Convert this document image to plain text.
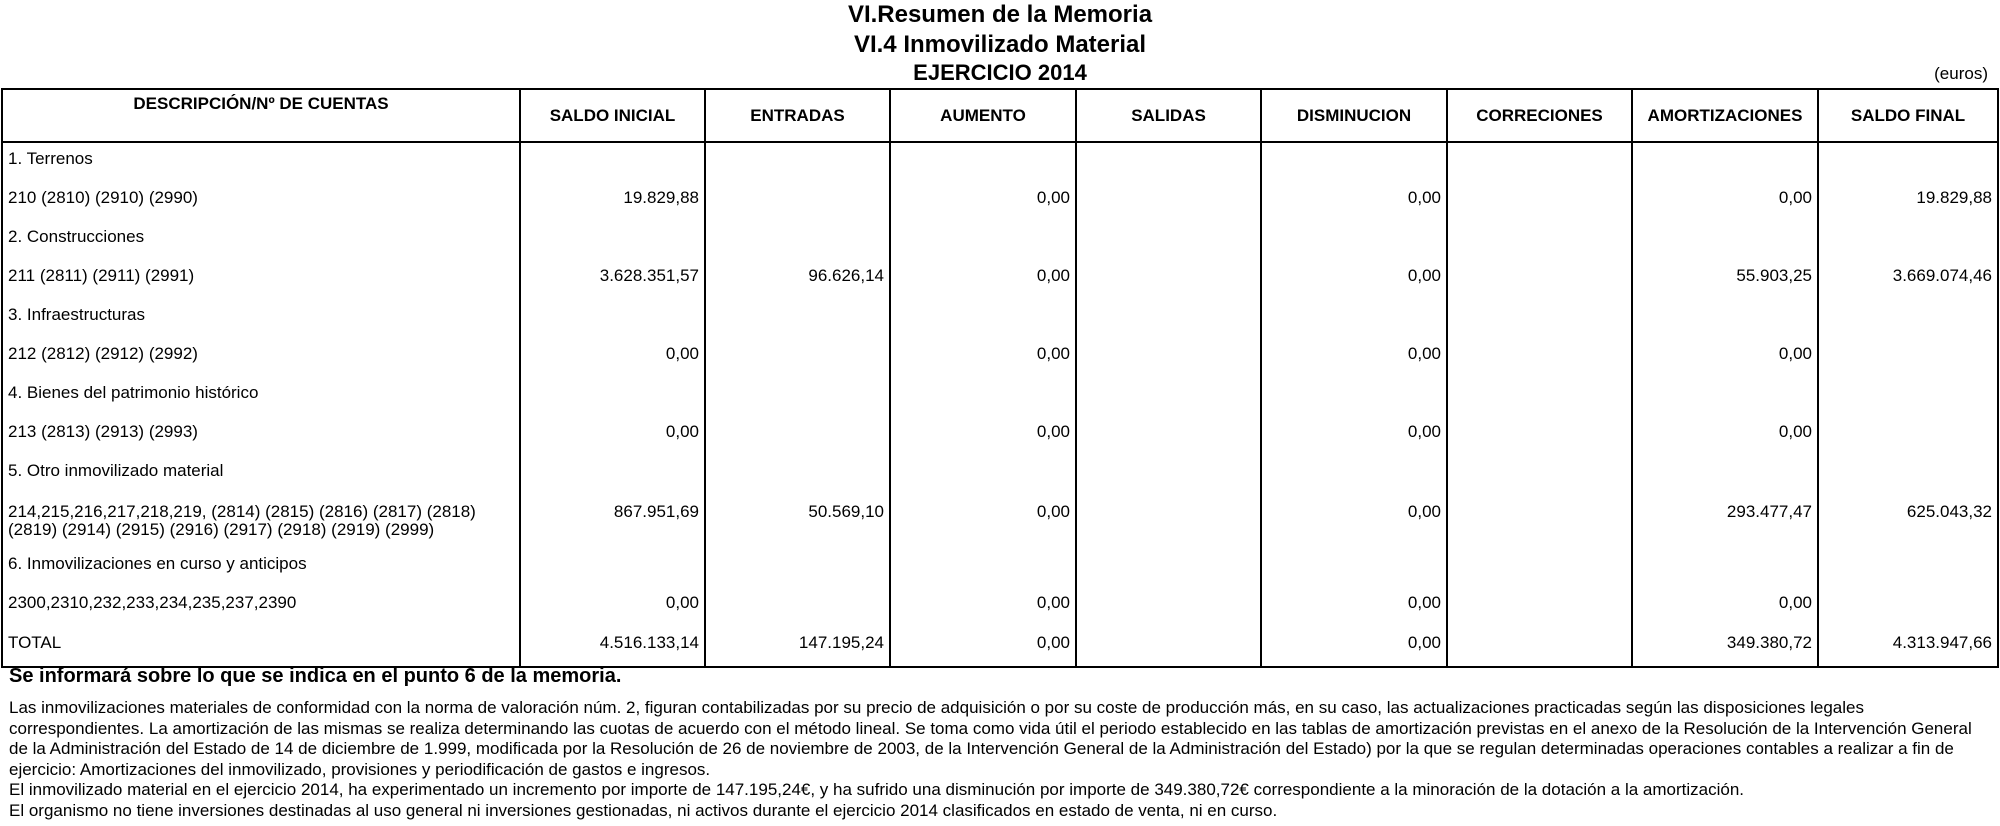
VI.Resumen de la Memoria
VI.4 Inmovilizado Material
EJERCICIO 2014	(euros)
DESCRIPCIÓN/Nº DE CUENTAS	SALDO INICIAL	ENTRADAS	AUMENTO	SALIDAS	DISMINUCION	CORRECIONES	AMORTIZACIONES	SALDO FINAL
1. Terrenos								
210 (2810) (2910) (2990)	19.829,88		0,00		0,00		0,00	19.829,88
2. Construcciones								
211 (2811) (2911) (2991)	3.628.351,57	96.626,14	0,00		0,00		55.903,25	3.669.074,46
3. Infraestructuras								
212 (2812) (2912) (2992)	0,00		0,00		0,00		0,00	
4. Bienes del patrimonio histórico								
213 (2813) (2913) (2993)	0,00		0,00		0,00		0,00	
5. Otro inmovilizado material								
214,215,216,217,218,219, (2814) (2815) (2816) (2817) (2818) (2819) (2914) (2915) (2916) (2917) (2918) (2919) (2999)	867.951,69	50.569,10	0,00		0,00		293.477,47	625.043,32
6. Inmovilizaciones en curso y anticipos								
2300,2310,232,233,234,235,237,2390	0,00		0,00		0,00		0,00	
TOTAL	4.516.133,14	147.195,24	0,00		0,00		349.380,72	4.313.947,66
Se informará sobre lo que se indica en el punto 6 de la memoria.

Las inmovilizaciones materiales de conformidad con la norma de valoración núm. 2, figuran contabilizadas por su precio de adquisición o por su coste de producción más, en su caso, las actualizaciones practicadas según las disposiciones legales correspondientes. La amortización de las mismas se realiza determinando las cuotas de acuerdo con el método lineal. Se toma como vida útil el periodo establecido en las tablas de amortización previstas en el anexo de la Resolución de la Intervención General de la Administración del Estado de 14 de diciembre de 1.999, modificada por la Resolución de 26 de noviembre de 2003, de la Intervención General de la Administración del Estado) por la que se regulan determinadas operaciones contables a realizar a fin de ejercicio: Amortizaciones del inmovilizado, provisiones y periodificación de gastos e ingresos.

El inmovilizado material en el ejercicio 2014, ha experimentado un incremento por importe de 147.195,24€, y ha sufrido una disminución por importe de 349.380,72€ correspondiente a la minoración de la dotación a la amortización.

El organismo no tiene inversiones destinadas al uso general ni inversiones gestionadas, ni activos durante el ejercicio 2014 clasificados en estado de venta, ni en curso.
